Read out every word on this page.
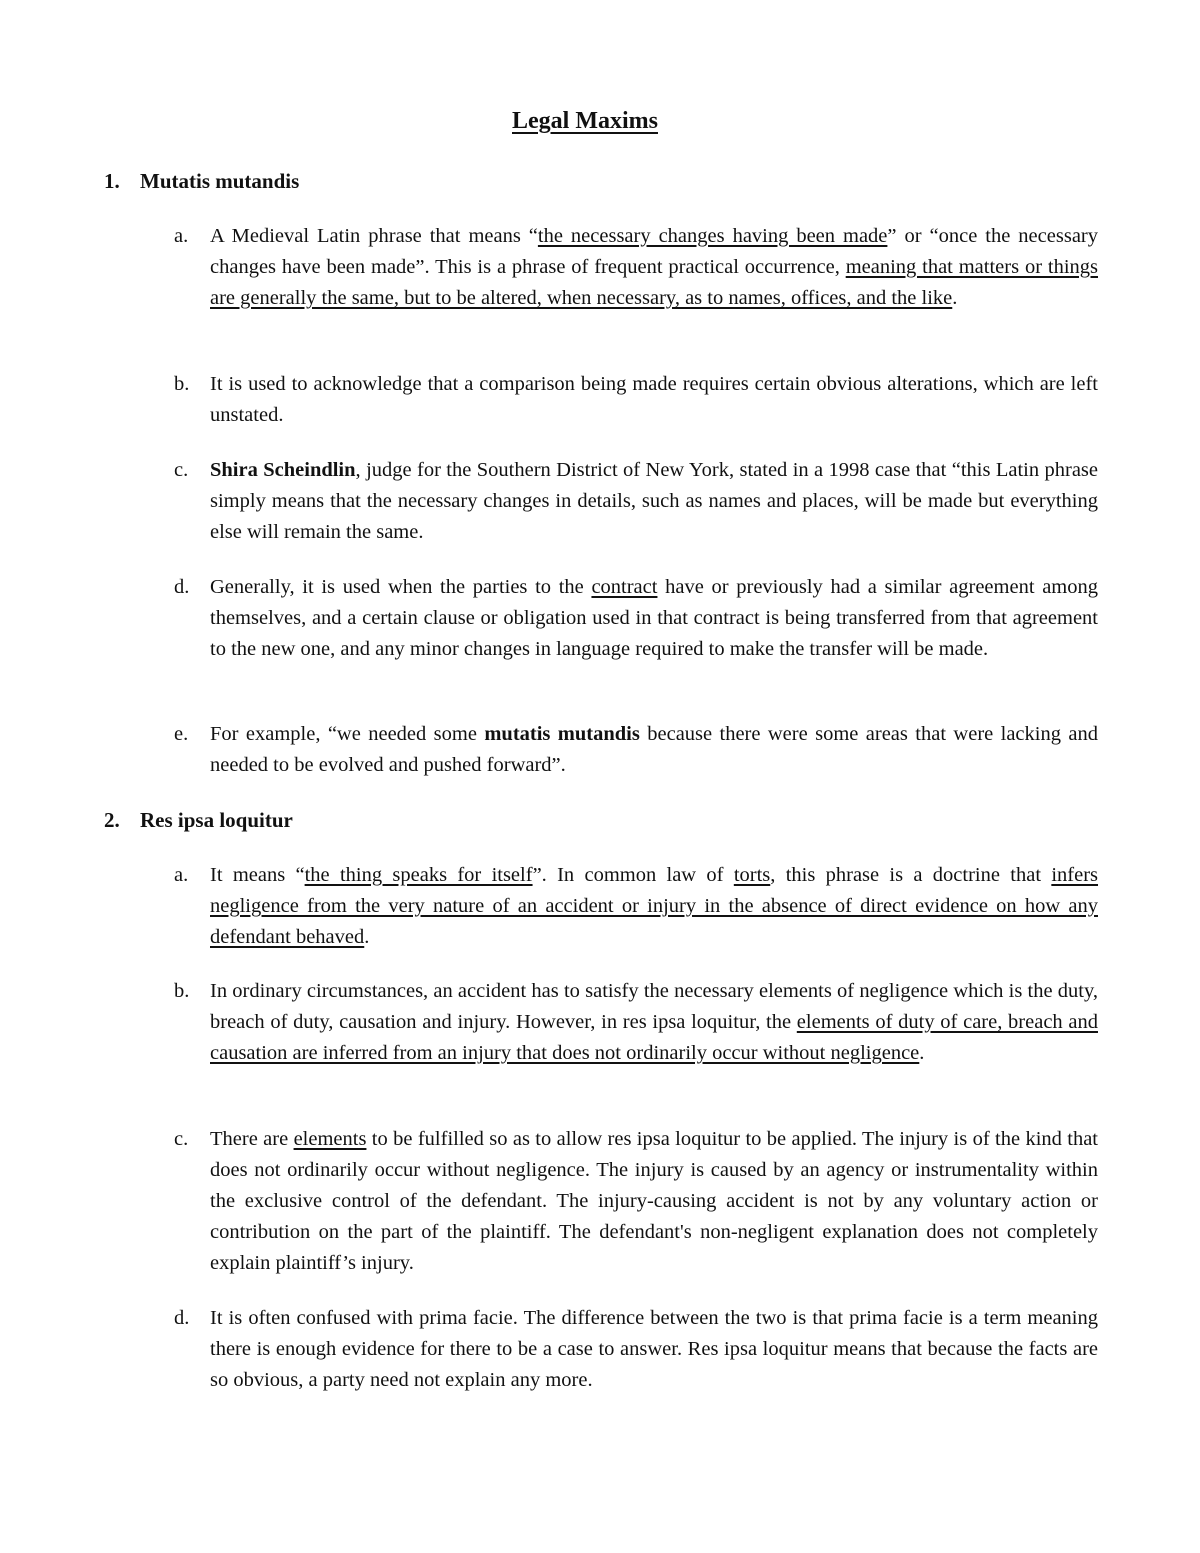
Legal Maxims
1. Mutatis mutandis

a.	A Medieval Latin phrase that means “the necessary changes having been made” or “once the necessary changes have been made”. This is a phrase of frequent practical occurrence, meaning that matters or things are generally the same, but to be altered, when necessary, as to names, offices, and the like.

b.	It is used to acknowledge that a comparison being made requires certain obvious alterations, which are left unstated.

c.	Shira Scheindlin, judge for the Southern District of New York, stated in a 1998 case that “this Latin phrase simply means that the necessary changes in details, such as names and places, will be made but everything else will remain the same.

d.	Generally, it is used when the parties to the contract have or previously had a similar agreement among themselves, and a certain clause or obligation used in that contract is being transferred from that agreement to the new one, and any minor changes in language required to make the transfer will be made.

e.	For example, “we needed some mutatis mutandis because there were some areas that were lacking and needed to be evolved and pushed forward”.

2. Res ipsa loquitur

a.	It means “the thing speaks for itself”. In common law of torts, this phrase is a doctrine that infers negligence from the very nature of an accident or injury in the absence of direct evidence on how any defendant behaved.

b.	In ordinary circumstances, an accident has to satisfy the necessary elements of negligence which is the duty, breach of duty, causation and injury. However, in res ipsa loquitur, the elements of duty of care, breach and causation are inferred from an injury that does not ordinarily occur without negligence.

c.	There are elements to be fulfilled so as to allow res ipsa loquitur to be applied. The injury is of the kind that does not ordinarily occur without negligence. The injury is caused by an agency or instrumentality within the exclusive control of the defendant. The injury-causing accident is not by any voluntary action or contribution on the part of the plaintiff. The defendant's non-negligent explanation does not completely explain plaintiff’s injury.

d.	It is often confused with prima facie. The difference between the two is that prima facie is a term meaning there is enough evidence for there to be a case to answer. Res ipsa loquitur means that because the facts are so obvious, a party need not explain any more.
